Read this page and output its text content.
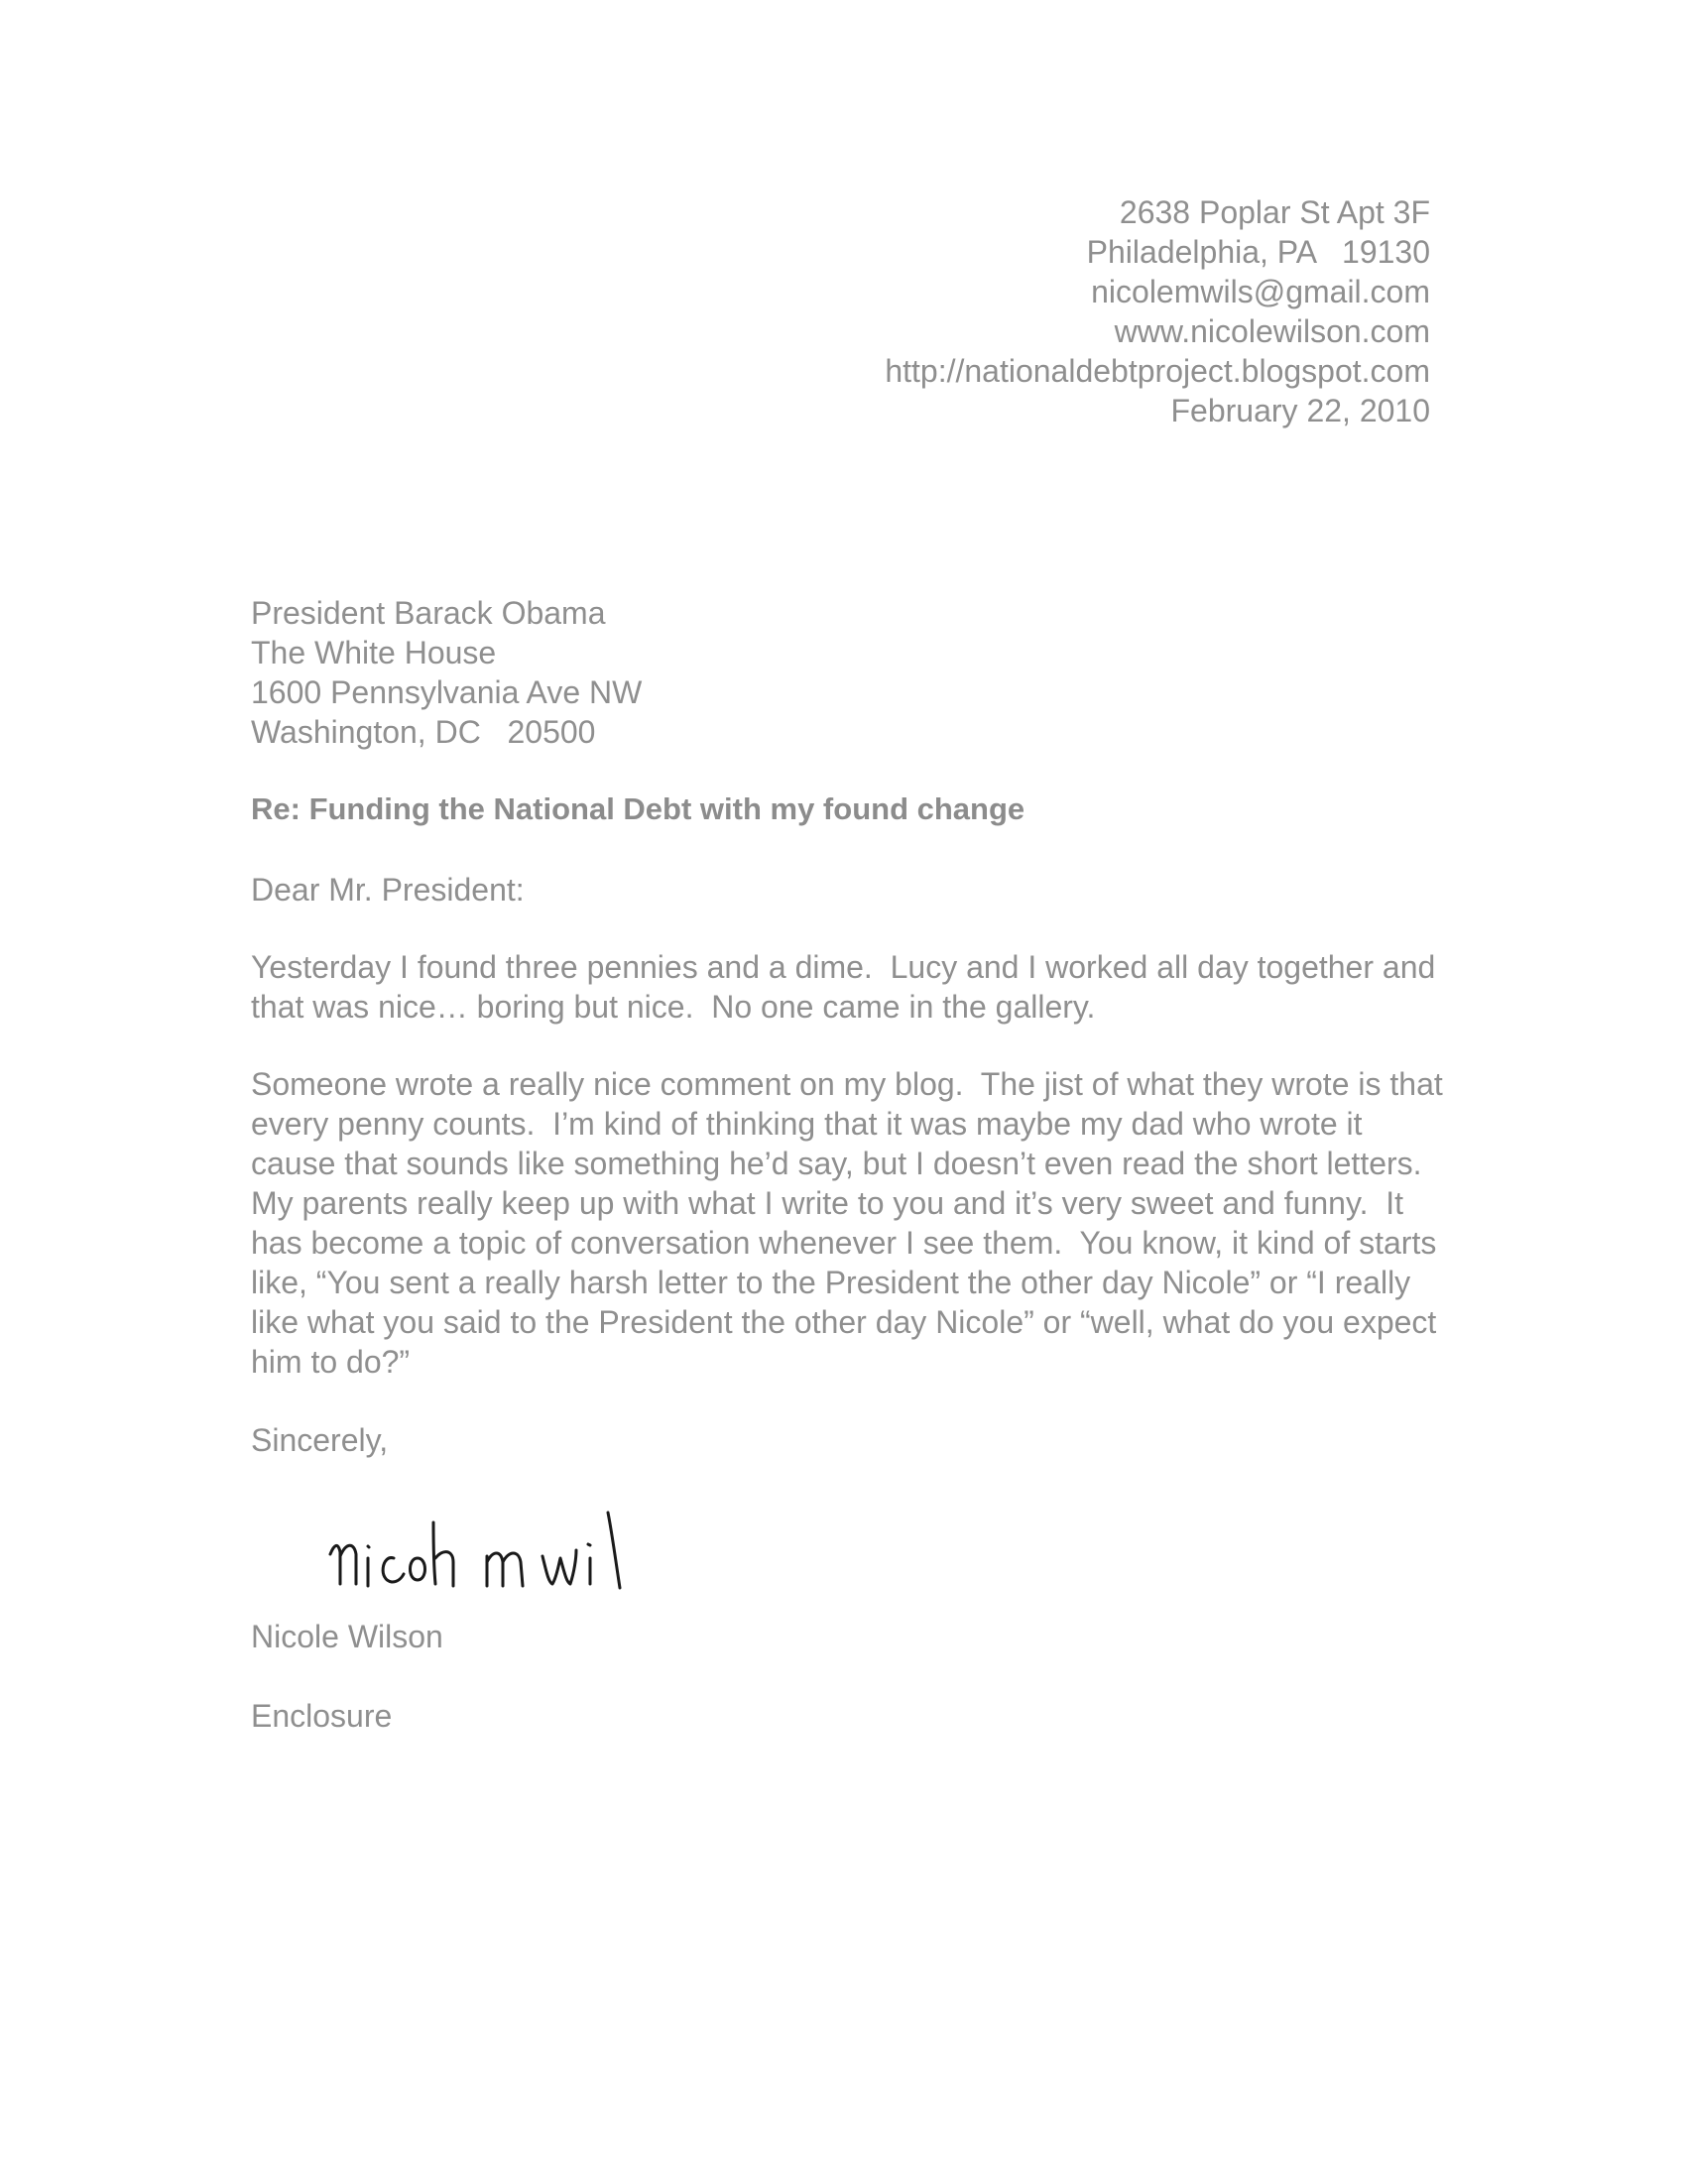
2638 Poplar St Apt 3F
Philadelphia, PA   19130
nicolemwils@gmail.com
www.nicolewilson.com
http://nationaldebtproject.blogspot.com
February 22, 2010
President Barack Obama
The White House
1600 Pennsylvania Ave NW
Washington, DC   20500
Re: Funding the National Debt with my found change
Dear Mr. President:

Yesterday I found three pennies and a dime.  Lucy and I worked all day together and that was nice… boring but nice.  No one came in the gallery.

Someone wrote a really nice comment on my blog.  The jist of what they wrote is that every penny counts.  I’m kind of thinking that it was maybe my dad who wrote it cause that sounds like something he’d say, but I doesn’t even read the short letters.  My parents really keep up with what I write to you and it’s very sweet and funny.  It has become a topic of conversation whenever I see them.  You know, it kind of starts like, “You sent a really harsh letter to the President the other day Nicole” or “I really like what you said to the President the other day Nicole” or “well, what do you expect him to do?”

Sincerely,
Nicole Wilson
Enclosure
